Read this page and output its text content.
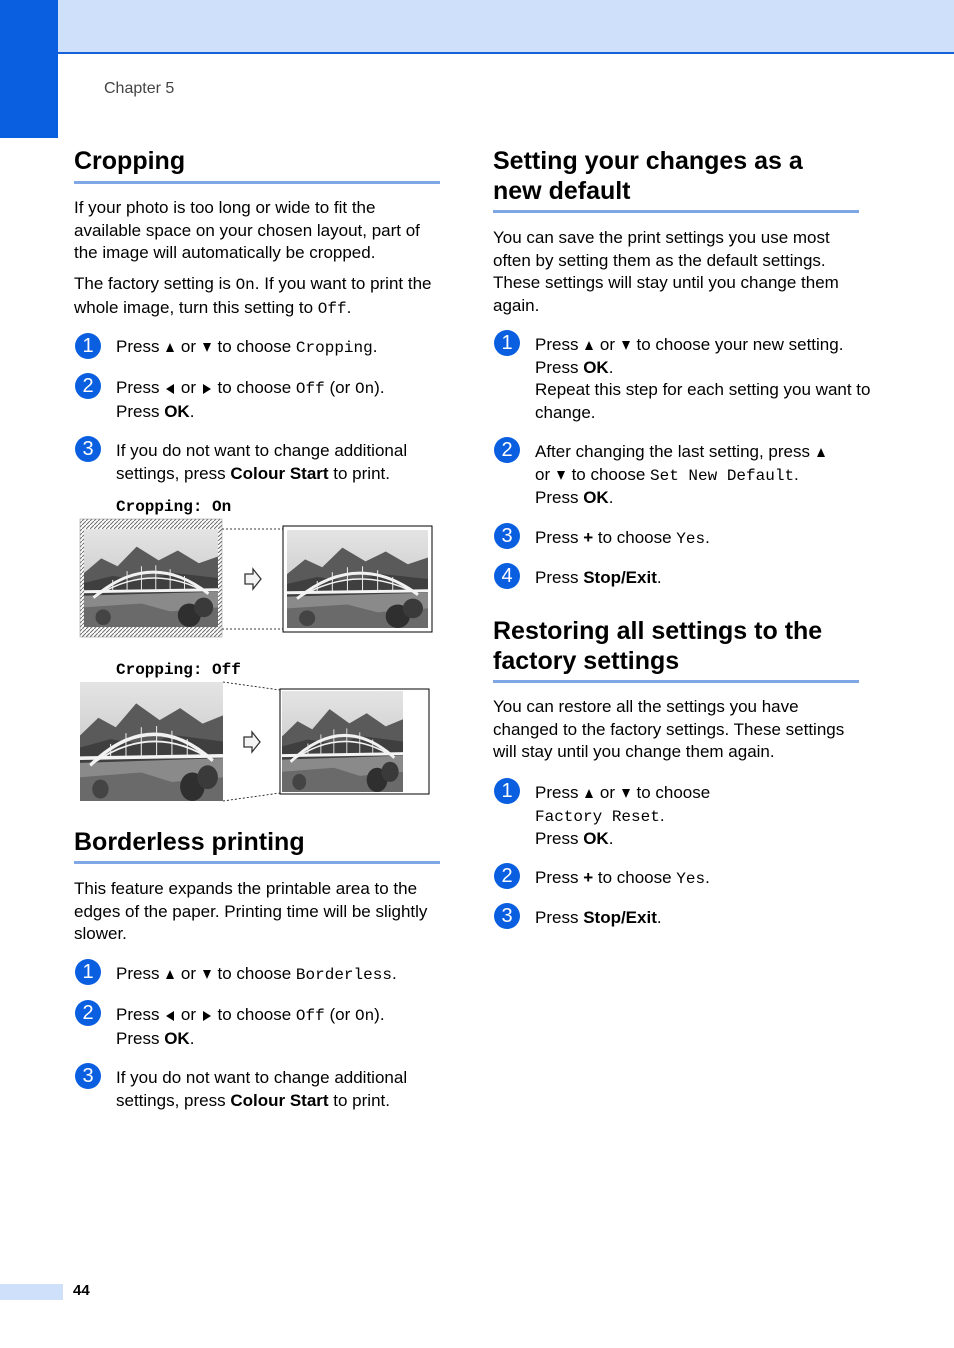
Chapter 5
Cropping

If your photo is too long or wide to fit the available space on your chosen layout, part of the image will automatically be cropped.

The factory setting is On. If you want to print the whole image, turn this setting to Off.

1	Press  or  to choose Cropping.
2	Press  or  to choose Off (or On).
Press OK.
3	If you do not want to change additional settings, press Colour Start to print.
Cropping: On
Cropping: Off
Borderless printing

This feature expands the printable area to the edges of the paper. Printing time will be slightly slower.

1	Press  or  to choose Borderless.
2	Press  or  to choose Off (or On).
Press OK.
3	If you do not want to change additional settings, press Colour Start to print.
Setting your changes as a
new default

You can save the print settings you use most often by setting them as the default settings. These settings will stay until you change them again.

1	Press  or  to choose your new setting.
Press OK.
Repeat this step for each setting you want to change.
2	After changing the last setting, press
or  to choose Set New Default.
Press OK.
3	Press + to choose Yes.
4	Press Stop/Exit.
Restoring all settings to the
factory settings

You can restore all the settings you have changed to the factory settings. These settings will stay until you change them again.

1	Press  or  to choose
Factory Reset.
Press OK.
2	Press + to choose Yes.
3	Press Stop/Exit.
44
